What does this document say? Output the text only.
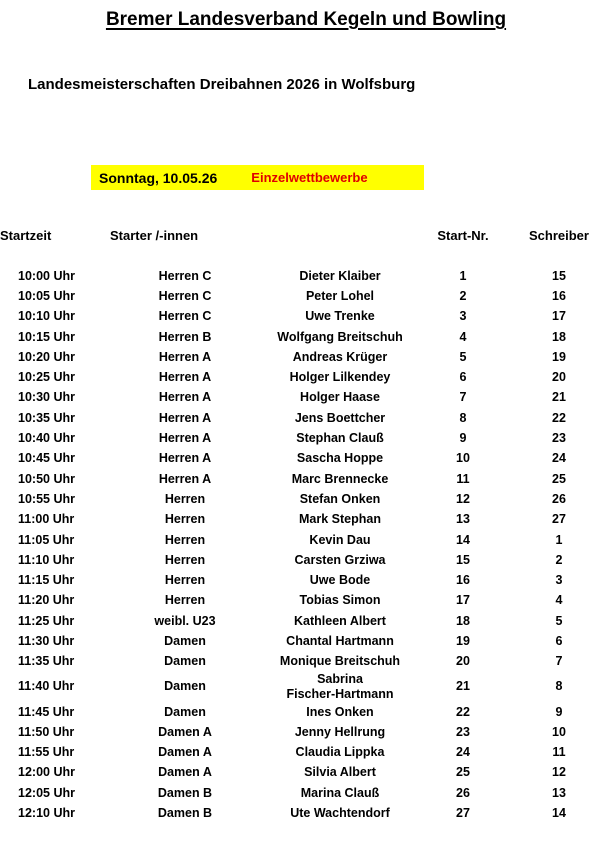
Bremer Landesverband Kegeln und Bowling
Landesmeisterschaften Dreibahnen 2026 in Wolfsburg
Sonntag, 10.05.26	Einzelwettbewerbe
Startzeit	Starter /-innen		Start-Nr.	Schreiber
10:00 Uhr	Herren C	Dieter Klaiber	1	15
10:05 Uhr	Herren C	Peter Lohel	2	16
10:10 Uhr	Herren C	Uwe Trenke	3	17
10:15 Uhr	Herren B	Wolfgang Breitschuh	4	18
10:20 Uhr	Herren A	Andreas Krüger	5	19
10:25 Uhr	Herren A	Holger Lilkendey	6	20
10:30 Uhr	Herren A	Holger Haase	7	21
10:35 Uhr	Herren A	Jens Boettcher	8	22
10:40 Uhr	Herren A	Stephan Clauß	9	23
10:45 Uhr	Herren A	Sascha Hoppe	10	24
10:50 Uhr	Herren A	Marc Brennecke	11	25
10:55 Uhr	Herren	Stefan Onken	12	26
11:00 Uhr	Herren	Mark Stephan	13	27
11:05 Uhr	Herren	Kevin Dau	14	1
11:10 Uhr	Herren	Carsten Grziwa	15	2
11:15 Uhr	Herren	Uwe Bode	16	3
11:20 Uhr	Herren	Tobias Simon	17	4
11:25 Uhr	weibl. U23	Kathleen Albert	18	5
11:30 Uhr	Damen	Chantal Hartmann	19	6
11:35 Uhr	Damen	Monique Breitschuh	20	7
11:40 Uhr	Damen	Sabrina
Fischer-Hartmann	21	8
11:45 Uhr	Damen	Ines Onken	22	9
11:50 Uhr	Damen A	Jenny Hellrung	23	10
11:55 Uhr	Damen A	Claudia Lippka	24	11
12:00 Uhr	Damen A	Silvia Albert	25	12
12:05 Uhr	Damen B	Marina Clauß	26	13
12:10 Uhr	Damen B	Ute Wachtendorf	27	14
